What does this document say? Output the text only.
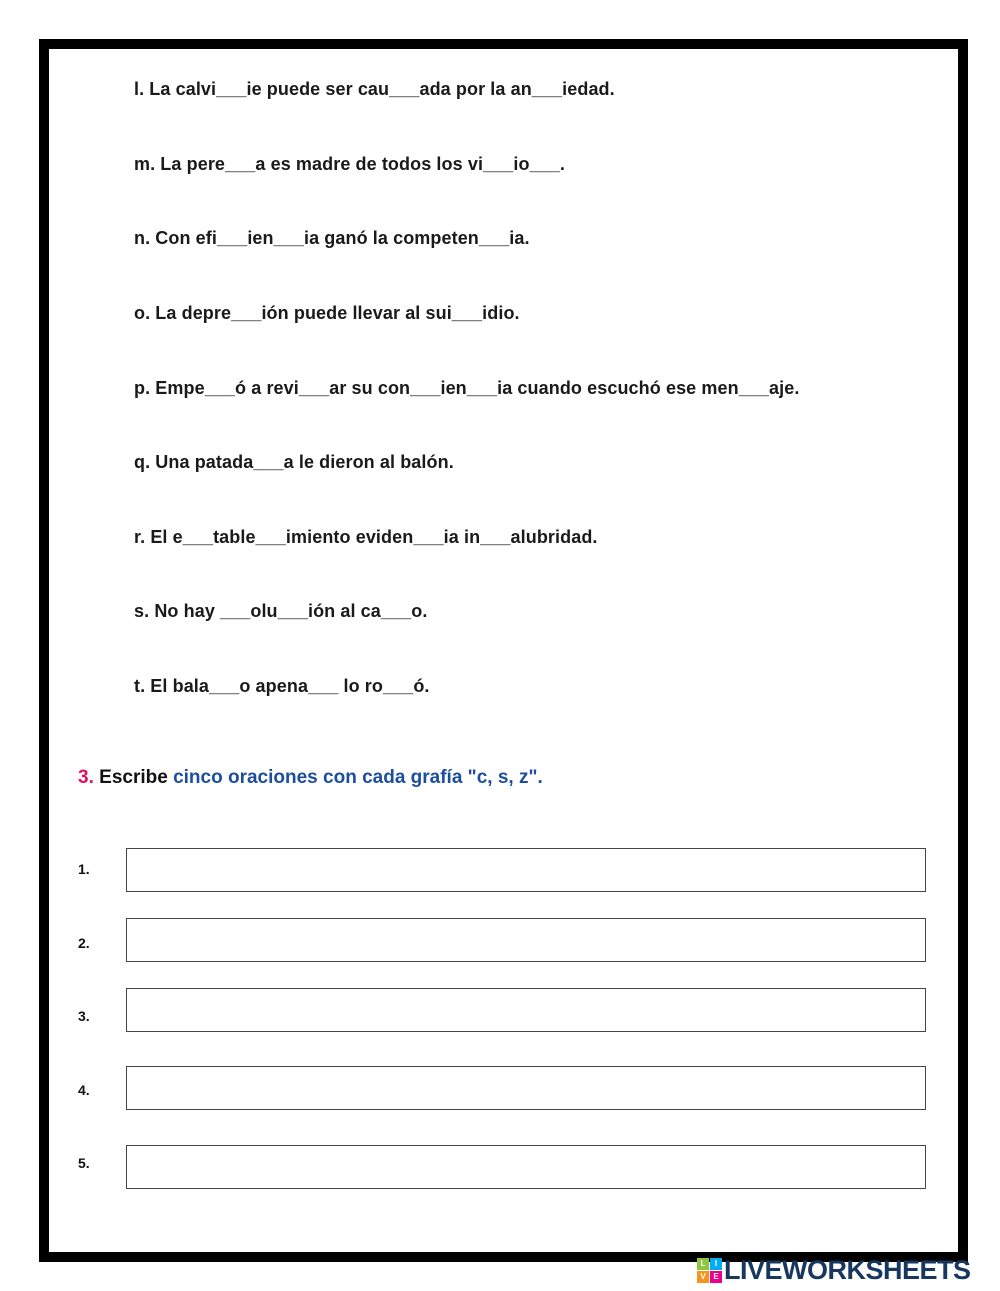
l. La calvi___ie puede ser cau___ada por la an___iedad.
m. La pere___a es madre de todos los vi___io___.
n. Con efi___ien___ia ganó la competen___ia.
o. La depre___ión puede llevar al sui___idio.
p. Empe___ó a revi___ar su con___ien___ia cuando escuchó ese men___aje.
q. Una patada___a le dieron al balón.
r. El e___table___imiento eviden___ia in___alubridad.
s. No hay ___olu___ión al ca___o.
t. El bala___o apena___ lo ro___ó.
3. Escribe cinco oraciones con cada grafía "c, s, z".
1.
2.
3.
4.
5.
L	I
V E LIVEWORKSHEETS
